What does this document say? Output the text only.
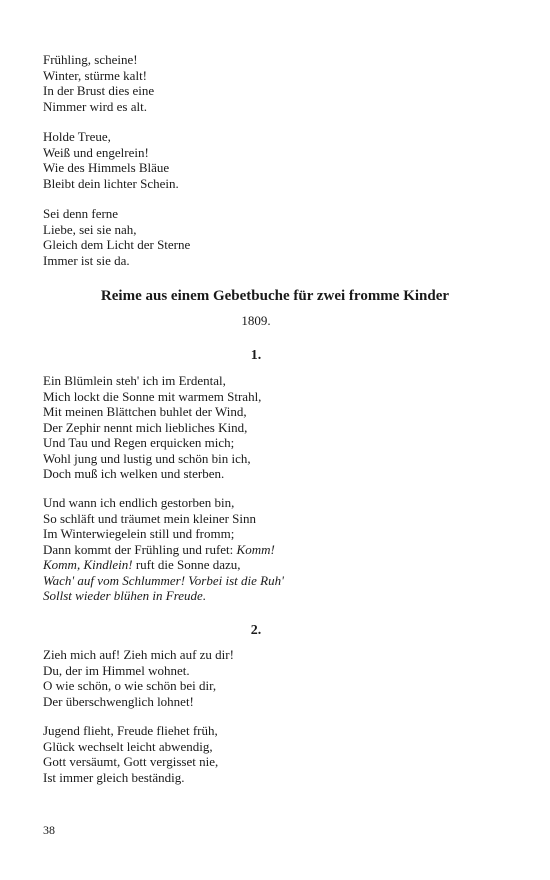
Frühling, scheine!
Winter, stürme kalt!
In der Brust dies eine
Nimmer wird es alt.
Holde Treue,
Weiß und engelrein!
Wie des Himmels Bläue
Bleibt dein lichter Schein.
Sei denn ferne
Liebe, sei sie nah,
Gleich dem Licht der Sterne
Immer ist sie da.
Reime aus einem Gebetbuche für zwei fromme Kinder
1809.
1.
Ein Blümlein steh' ich im Erdental,
Mich lockt die Sonne mit warmem Strahl,
Mit meinen Blättchen buhlet der Wind,
Der Zephir nennt mich liebliches Kind,
Und Tau und Regen erquicken mich;
Wohl jung und lustig und schön bin ich,
Doch muß ich welken und sterben.
Und wann ich endlich gestorben bin,
So schläft und träumet mein kleiner Sinn
Im Winterwiegelein still und fromm;
Dann kommt der Frühling und rufet: Komm!
Komm, Kindlein! ruft die Sonne dazu,
Wach' auf vom Schlummer! Vorbei ist die Ruh'
Sollst wieder blühen in Freude.
2.
Zieh mich auf! Zieh mich auf zu dir!
Du, der im Himmel wohnet.
O wie schön, o wie schön bei dir,
Der überschwenglich lohnet!
Jugend flieht, Freude fliehet früh,
Glück wechselt leicht abwendig,
Gott versäumt, Gott vergisset nie,
Ist immer gleich beständig.
38
